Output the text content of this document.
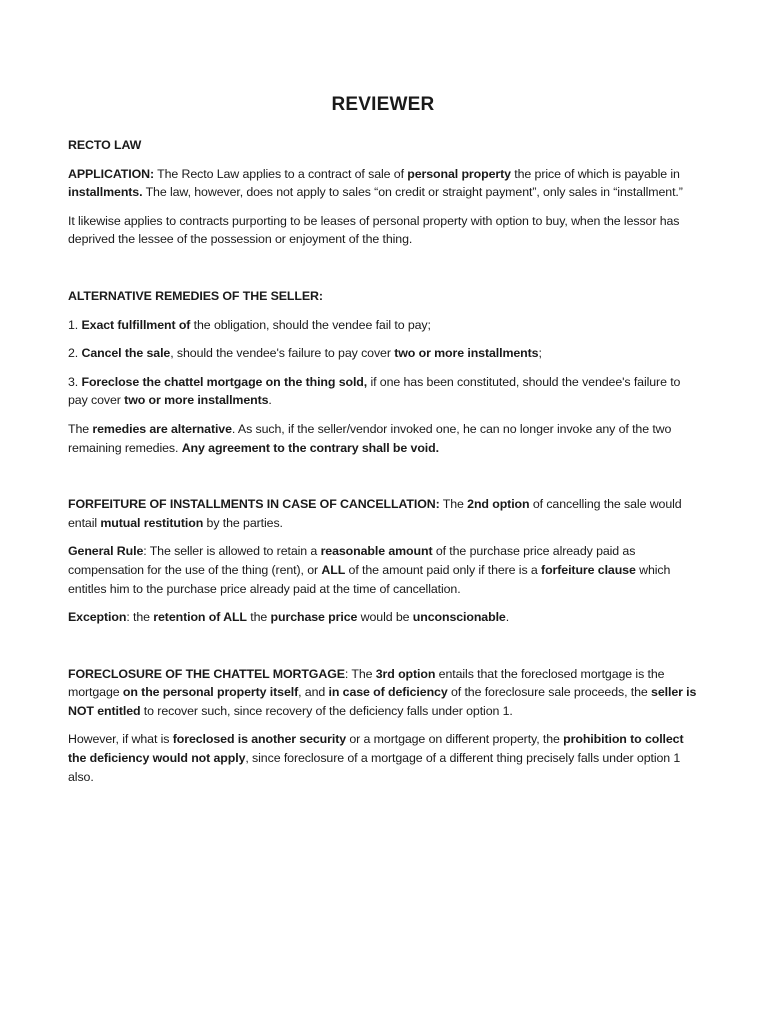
REVIEWER

RECTO LAW

APPLICATION: The Recto Law applies to a contract of sale of personal property the price of which is payable in installments. The law, however, does not apply to sales “on credit or straight payment”, only sales in “installment.”

It likewise applies to contracts purporting to be leases of personal property with option to buy, when the lessor has deprived the lessee of the possession or enjoyment of the thing.

ALTERNATIVE REMEDIES OF THE SELLER:

1. Exact fulfillment of the obligation, should the vendee fail to pay;

2. Cancel the sale, should the vendee's failure to pay cover two or more installments;

3. Foreclose the chattel mortgage on the thing sold, if one has been constituted, should the vendee's failure to pay cover two or more installments.

The remedies are alternative. As such, if the seller/vendor invoked one, he can no longer invoke any of the two remaining remedies. Any agreement to the contrary shall be void.

FORFEITURE OF INSTALLMENTS IN CASE OF CANCELLATION: The 2nd option of cancelling the sale would entail mutual restitution by the parties.

General Rule: The seller is allowed to retain a reasonable amount of the purchase price already paid as compensation for the use of the thing (rent), or ALL of the amount paid only if there is a forfeiture clause which entitles him to the purchase price already paid at the time of cancellation.

Exception: the retention of ALL the purchase price would be unconscionable.

FORECLOSURE OF THE CHATTEL MORTGAGE: The 3rd option entails that the foreclosed mortgage is the mortgage on the personal property itself, and in case of deficiency of the foreclosure sale proceeds, the seller is NOT entitled to recover such, since recovery of the deficiency falls under option 1.

However, if what is foreclosed is another security or a mortgage on different property, the prohibition to collect the deficiency would not apply, since foreclosure of a mortgage of a different thing precisely falls under option 1 also.
